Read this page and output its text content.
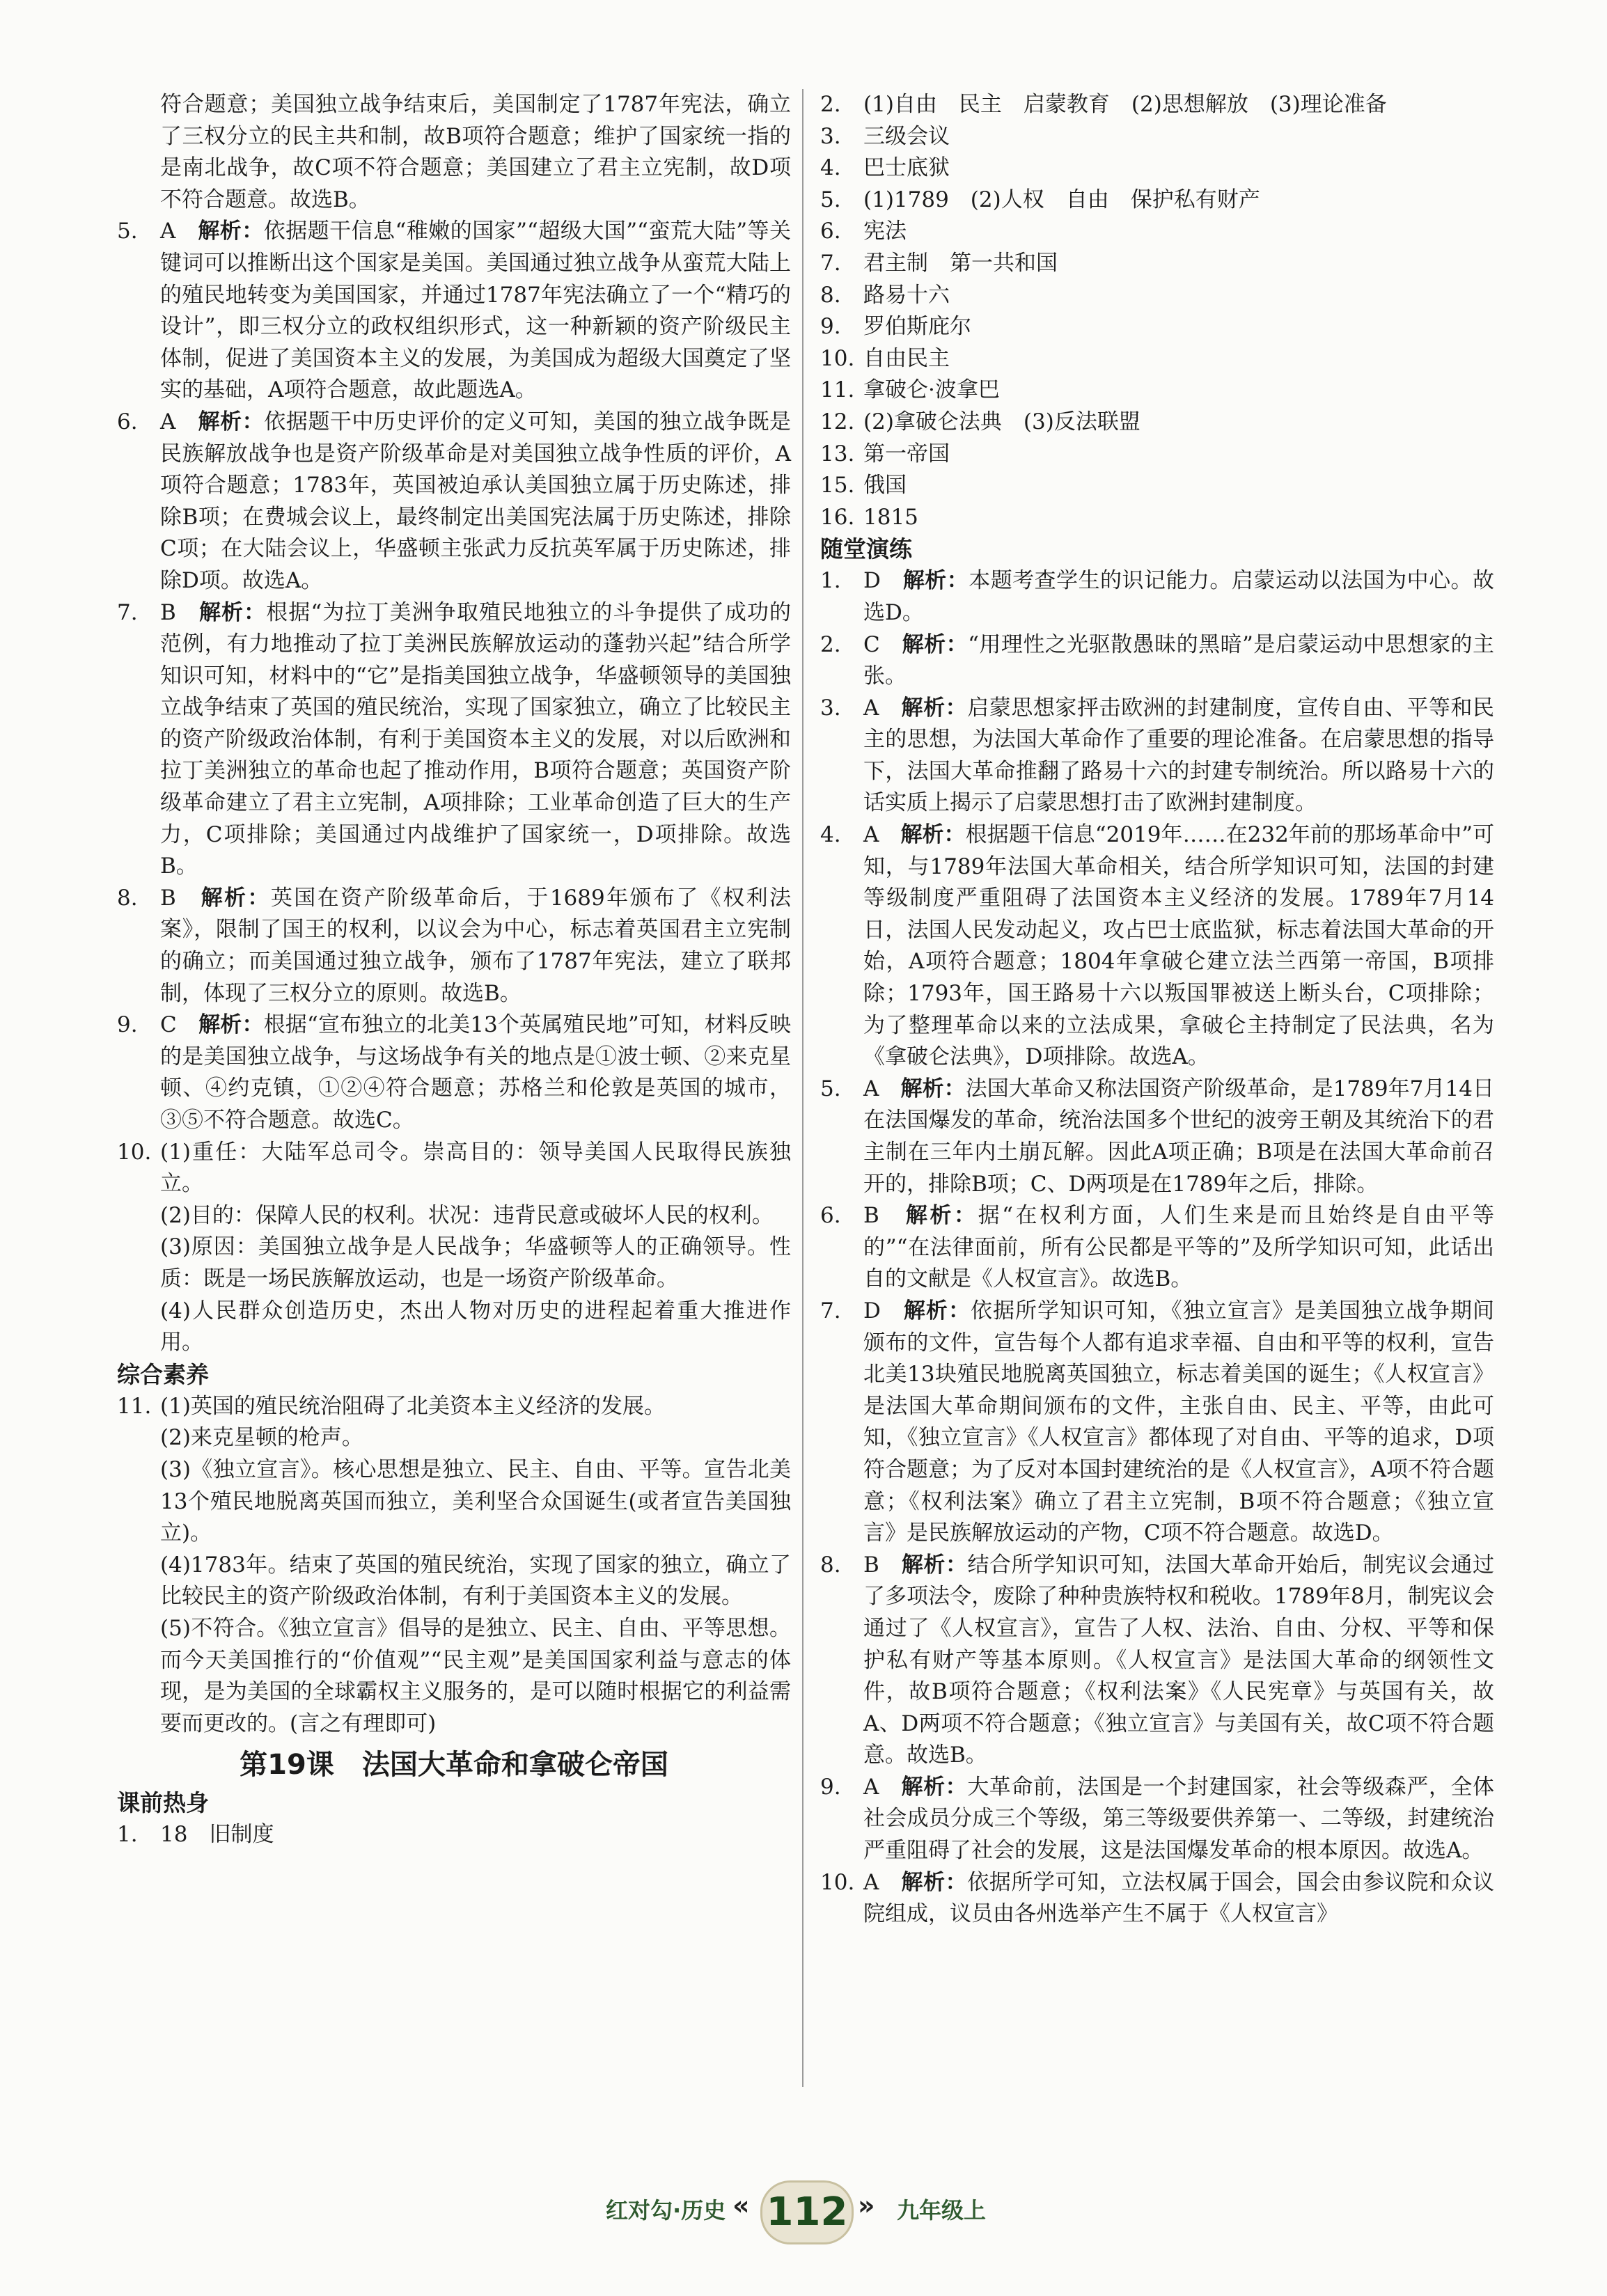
符合题意；美国独立战争结束后，美国制定了1787年宪法，确立了三权分立的民主共和制，故B项符合题意；维护了国家统一指的是南北战争，故C项不符合题意；美国建立了君主立宪制，故D项不符合题意。故选B。
5. A　 解析：依据题干信息“稚嫩的国家”“超级大国”“蛮荒大陆”等关键词可以推断出这个国家是美国。美国通过独立战争从蛮荒大陆上的殖民地转变为美国国家，并通过1787年宪法确立了一个“精巧的设计”，即三权分立的政权组织形式，这一种新颖的资产阶级民主体制，促进了美国资本主义的发展，为美国成为超级大国奠定了坚实的基础，A项符合题意，故此题选A。
6. A　 解析：依据题干中历史评价的定义可知，美国的独立战争既是民族解放战争也是资产阶级革命是对美国独立战争性质的评价，A项符合题意；1783年，英国被迫承认美国独立属于历史陈述，排除B项；在费城会议上，最终制定出美国宪法属于历史陈述，排除C项；在大陆会议上，华盛顿主张武力反抗英军属于历史陈述，排除D项。故选A。
7. B　 解析：根据“为拉丁美洲争取殖民地独立的斗争提供了成功的范例，有力地推动了拉丁美洲民族解放运动的蓬勃兴起”结合所学知识可知，材料中的“它”是指美国独立战争，华盛顿领导的美国独立战争结束了英国的殖民统治，实现了国家独立，确立了比较民主的资产阶级政治体制，有利于美国资本主义的发展，对以后欧洲和拉丁美洲独立的革命也起了推动作用，B项符合题意；英国资产阶级革命建立了君主立宪制，A项排除；工业革命创造了巨大的生产力，C项排除；美国通过内战维护了国家统一，D项排除。故选B。
8. B　 解析：英国在资产阶级革命后，于1689年颁布了《权利法案》，限制了国王的权利，以议会为中心，标志着英国君主立宪制的确立；而美国通过独立战争，颁布了1787年宪法，建立了联邦制，体现了三权分立的原则。故选B。
9. C　 解析：根据“宣布独立的北美13个英属殖民地”可知，材料反映的是美国独立战争，与这场战争有关的地点是①波士顿、②来克星顿、④约克镇，①②④符合题意；苏格兰和伦敦是英国的城市，③⑤不符合题意。故选C。
10. (1)重任：大陆军总司令。崇高目的：领导美国人民取得民族独立。
(2)目的：保障人民的权利。状况：违背民意或破坏人民的权利。
(3)原因：美国独立战争是人民战争；华盛顿等人的正确领导。性质：既是一场民族解放运动，也是一场资产阶级革命。
(4)人民群众创造历史，杰出人物对历史的进程起着重大推进作用。
综合素养
11. (1)英国的殖民统治阻碍了北美资本主义经济的发展。
(2)来克星顿的枪声。
(3)《独立宣言》。核心思想是独立、民主、自由、平等。宣告北美13个殖民地脱离英国而独立，美利坚合众国诞生(或者宣告美国独立)。
(4)1783年。结束了英国的殖民统治，实现了国家的独立，确立了比较民主的资产阶级政治体制，有利于美国资本主义的发展。
(5)不符合。《独立宣言》倡导的是独立、民主、自由、平等思想。而今天美国推行的“价值观”“民主观”是美国国家利益与意志的体现，是为美国的全球霸权主义服务的，是可以随时根据它的利益需要而更改的。(言之有理即可)
第19课　法国大革命和拿破仑帝国
课前热身
1. 18　旧制度
2. (1)自由　民主　启蒙教育　(2)思想解放　(3)理论准备
3. 三级会议
4. 巴士底狱
5. (1)1789　(2)人权　自由　保护私有财产
6. 宪法
7. 君主制　第一共和国
8. 路易十六
9. 罗伯斯庇尔
10. 自由民主
11. 拿破仑·波拿巴
12. (2)拿破仑法典　(3)反法联盟
13. 第一帝国
15. 俄国
16. 1815
随堂演练
1. D　 解析：本题考查学生的识记能力。启蒙运动以法国为中心。故选D。
2. C　 解析：“用理性之光驱散愚昧的黑暗”是启蒙运动中思想家的主张。
3. A　 解析：启蒙思想家抨击欧洲的封建制度，宣传自由、平等和民主的思想，为法国大革命作了重要的理论准备。在启蒙思想的指导下，法国大革命推翻了路易十六的封建专制统治。所以路易十六的话实质上揭示了启蒙思想打击了欧洲封建制度。
4. A　 解析：根据题干信息“2019年……在232年前的那场革命中”可知，与1789年法国大革命相关，结合所学知识可知，法国的封建等级制度严重阻碍了法国资本主义经济的发展。1789年7月14日，法国人民发动起义，攻占巴士底监狱，标志着法国大革命的开始，A项符合题意；1804年拿破仑建立法兰西第一帝国，B项排除；1793年，国王路易十六以叛国罪被送上断头台，C项排除；为了整理革命以来的立法成果，拿破仑主持制定了民法典，名为《拿破仑法典》，D项排除。故选A。
5. A　 解析：法国大革命又称法国资产阶级革命，是1789年7月14日在法国爆发的革命，统治法国多个世纪的波旁王朝及其统治下的君主制在三年内土崩瓦解。因此A项正确；B项是在法国大革命前召开的，排除B项；C、D两项是在1789年之后，排除。
6. B　 解析：据“在权利方面，人们生来是而且始终是自由平等的”“在法律面前，所有公民都是平等的”及所学知识可知，此话出自的文献是《人权宣言》。故选B。
7. D　 解析：依据所学知识可知，《独立宣言》是美国独立战争期间颁布的文件，宣告每个人都有追求幸福、自由和平等的权利，宣告北美13块殖民地脱离英国独立，标志着美国的诞生；《人权宣言》是法国大革命期间颁布的文件，主张自由、民主、平等，由此可知，《独立宣言》《人权宣言》都体现了对自由、平等的追求，D项符合题意；为了反对本国封建统治的是《人权宣言》，A项不符合题意；《权利法案》确立了君主立宪制，B项不符合题意；《独立宣言》是民族解放运动的产物，C项不符合题意。故选D。
8. B　 解析：结合所学知识可知，法国大革命开始后，制宪议会通过了多项法令，废除了种种贵族特权和税收。1789年8月，制宪议会通过了《人权宣言》，宣告了人权、法治、自由、分权、平等和保护私有财产等基本原则。《人权宣言》是法国大革命的纲领性文件，故B项符合题意；《权利法案》《人民宪章》与英国有关，故A、D两项不符合题意；《独立宣言》与美国有关，故C项不符合题意。故选B。
9. A　 解析：大革命前，法国是一个封建国家，社会等级森严，全体社会成员分成三个等级，第三等级要供养第一、二等级，封建统治严重阻碍了社会的发展，这是法国爆发革命的根本原因。故选A。
10. A　 解析：依据所学可知，立法权属于国会，国会由参议院和众议院组成，议员由各州选举产生不属于《人权宣言》
红对勾·历史 « 112 » 九年级上
